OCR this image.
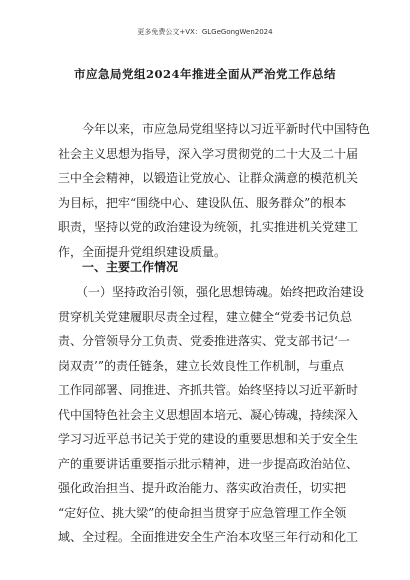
更多免费公文+VX：GLGeGongWen2024
市应急局党组2024年推进全面从严治党工作总结
　　今年以来，市应急局党组坚持以习近平新时代中国特色
社会主义思想为指导，深入学习贯彻党的二十大及二十届
三中全会精神，以锻造让党放心、让群众满意的模范机关
为目标，把牢“围绕中心、建设队伍、服务群众”的根本
职责，坚持以党的政治建设为统领，扎实推进机关党建工
作，全面提升党组织建设质量。
　　一、主要工作情况
　　（一）坚持政治引领，强化思想铸魂。始终把政治建设
贯穿机关党建履职尽责全过程，建立健全“党委书记负总
责、分管领导分工负责、党委推进落实、党支部书记‘一
岗双责’”的责任链条，建立长效良性工作机制，与重点
工作同部署、同推进、齐抓共管。始终坚持以习近平新时
代中国特色社会主义思想固本培元、凝心铸魂，持续深入
学习习近平总书记关于党的建设的重要思想和关于安全生
产的重要讲话重要指示批示精神，进一步提高政治站位、
强化政治担当、提升政治能力、落实政治责任，切实把
“定好位、挑大梁”的使命担当贯穿于应急管理工作全领
域、全过程。全面推进安全生产治本攻坚三年行动和化工
